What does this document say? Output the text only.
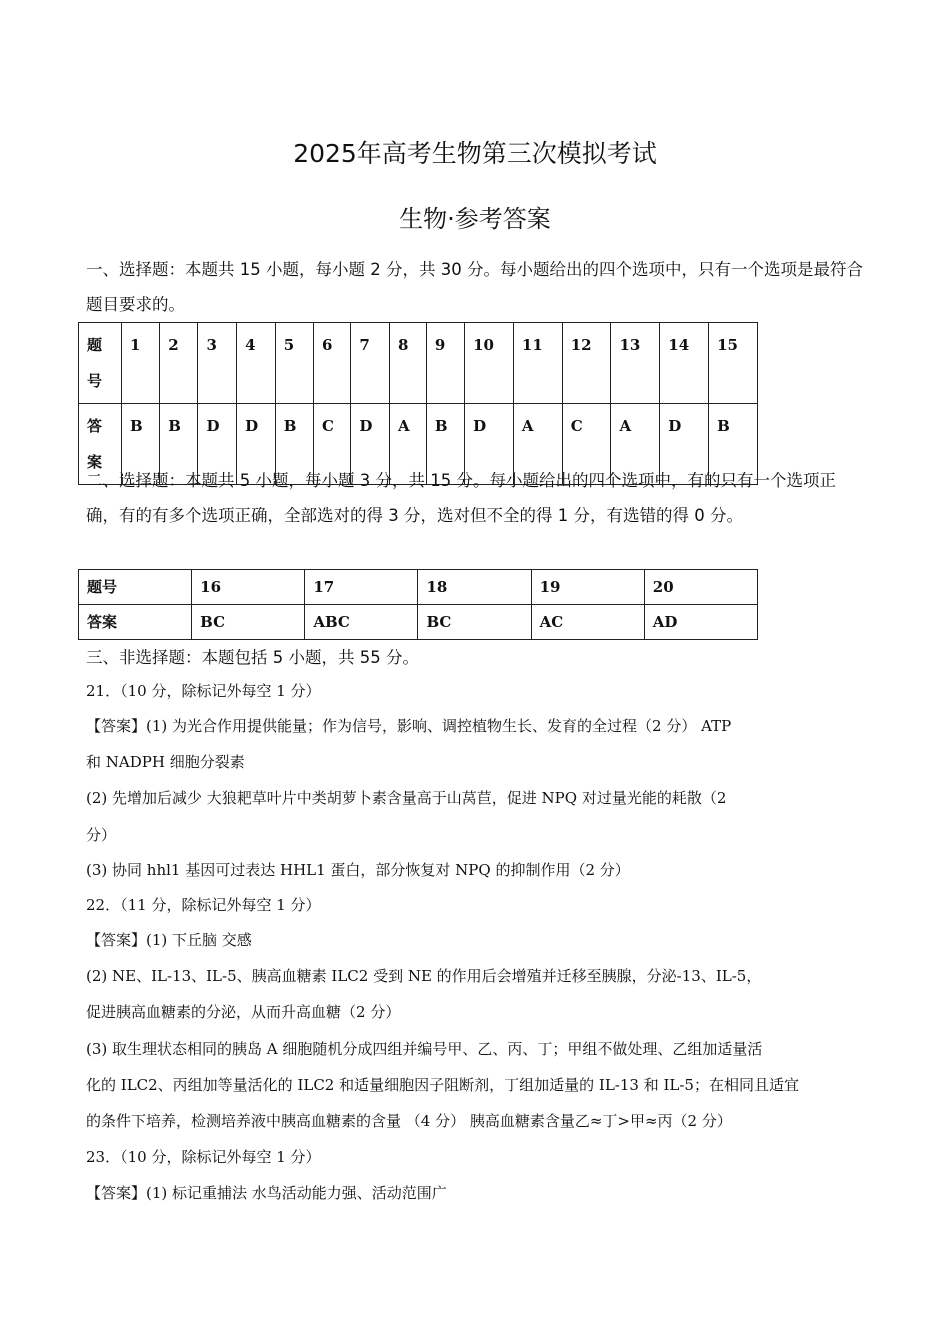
2025年高考生物第三次模拟考试
生物·参考答案
一、选择题：本题共 15 小题，每小题 2 分，共 30 分。每小题给出的四个选项中，只有一个选项是最符合题目要求的。
题号	1	2	3	4	5	6	7	8	9	10	11	12	13	14	15
答案	B	B	D	D	B	C	D	A	B	D	A	C	A	D	B
二、选择题：本题共 5 小题，每小题 3 分，共 15 分。每小题给出的四个选项中，有的只有一个选项正确，有的有多个选项正确，全部选对的得 3 分，选对但不全的得 1 分，有选错的得 0 分。
题号	16	17	18	19	20
答案	BC	ABC	BC	AC	AD
三、非选择题：本题包括 5 小题，共 55 分。
21．（10 分，除标记外每空 1 分）
【答案】(1) 为光合作用提供能量；作为信号，影响、调控植物生长、发育的全过程（2 分） ATP
和 NADPH 细胞分裂素
(2) 先增加后减少 大狼耙草叶片中类胡萝卜素含量高于山莴苣，促进 NPQ 对过量光能的耗散（2
分）
(3) 协同 hhl1 基因可过表达 HHL1 蛋白，部分恢复对 NPQ 的抑制作用（2 分）
22．（11 分，除标记外每空 1 分）
【答案】(1) 下丘脑 交感
(2) NE、IL-13、IL-5、胰高血糖素 ILC2 受到 NE 的作用后会增殖并迁移至胰腺，分泌-13、IL-5，
促进胰高血糖素的分泌，从而升高血糖（2 分）
(3) 取生理状态相同的胰岛 A 细胞随机分成四组并编号甲、乙、丙、丁；甲组不做处理、乙组加适量活
化的 ILC2、丙组加等量活化的 ILC2 和适量细胞因子阻断剂，丁组加适量的 IL-13 和 IL-5；在相同且适宜
的条件下培养，检测培养液中胰高血糖素的含量 （4 分） 胰高血糖素含量乙≈丁>甲≈丙（2 分）
23．（10 分，除标记外每空 1 分）
【答案】(1) 标记重捕法 水鸟活动能力强、活动范围广
